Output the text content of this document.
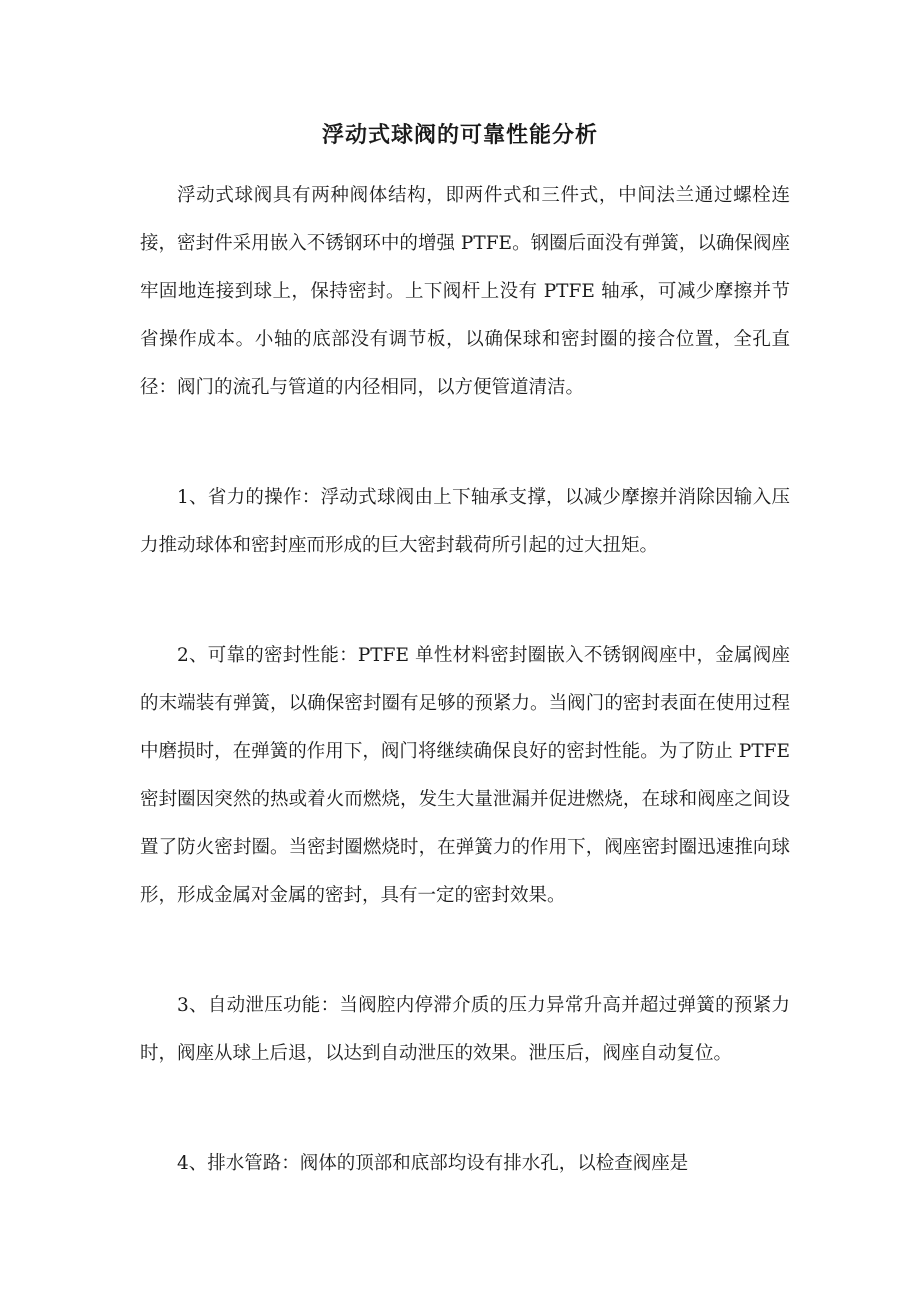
浮动式球阀的可靠性能分析

浮动式球阀具有两种阀体结构，即两件式和三件式，中间法兰通过螺栓连接，密封件采用嵌入不锈钢环中的增强 PTFE。钢圈后面没有弹簧，以确保阀座牢固地连接到球上，保持密封。上下阀杆上没有 PTFE 轴承，可减少摩擦并节省操作成本。小轴的底部没有调节板，以确保球和密封圈的接合位置，全孔直径：阀门的流孔与管道的内径相同，以方便管道清洁。

1、省力的操作：浮动式球阀由上下轴承支撑，以减少摩擦并消除因输入压力推动球体和密封座而形成的巨大密封载荷所引起的过大扭矩。

2、可靠的密封性能：PTFE 单性材料密封圈嵌入不锈钢阀座中，金属阀座的末端装有弹簧，以确保密封圈有足够的预紧力。当阀门的密封表面在使用过程中磨损时，在弹簧的作用下，阀门将继续确保良好的密封性能。为了防止 PTFE 密封圈因突然的热或着火而燃烧，发生大量泄漏并促进燃烧，在球和阀座之间设置了防火密封圈。当密封圈燃烧时，在弹簧力的作用下，阀座密封圈迅速推向球形，形成金属对金属的密封，具有一定的密封效果。

3、自动泄压功能：当阀腔内停滞介质的压力异常升高并超过弹簧的预紧力时，阀座从球上后退，以达到自动泄压的效果。泄压后，阀座自动复位。

4、排水管路：阀体的顶部和底部均设有排水孔，以检查阀座是
